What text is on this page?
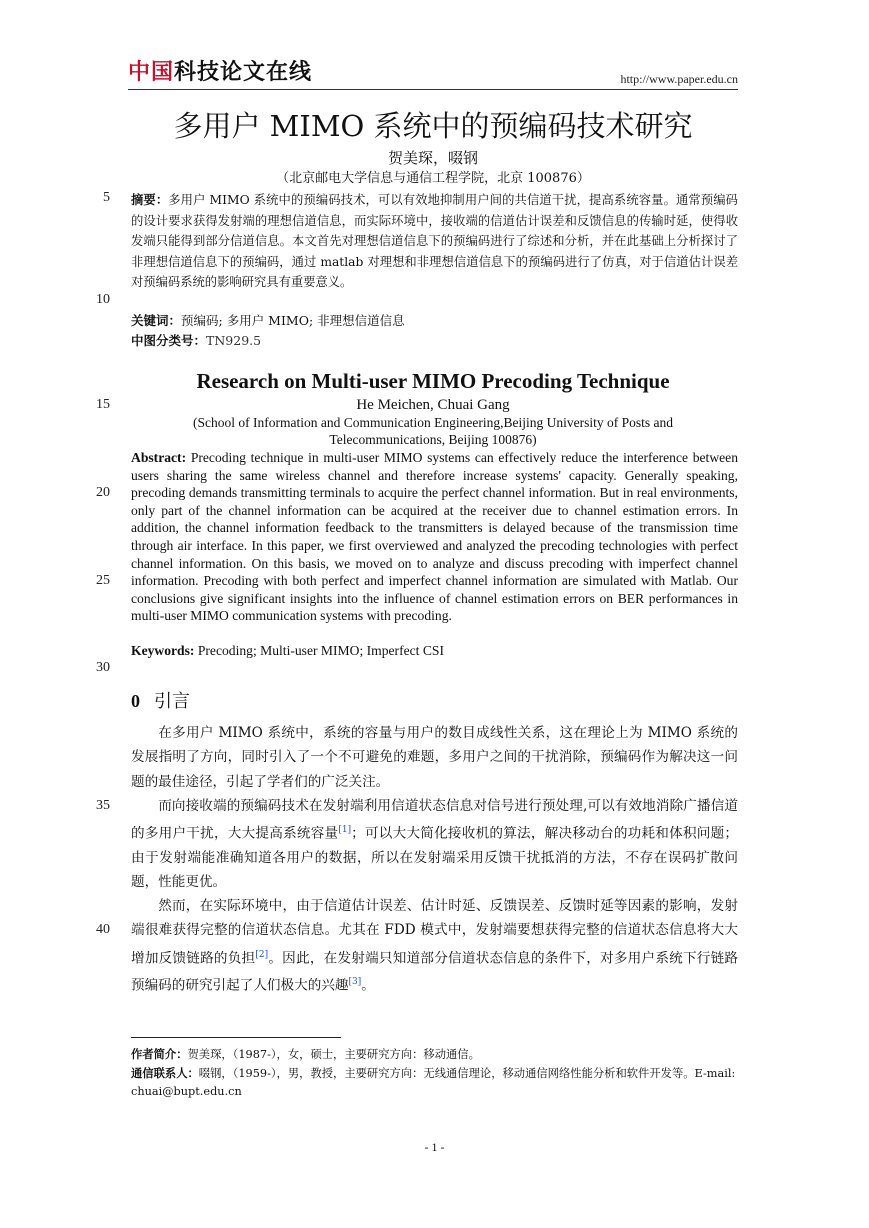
中国科技论文在线	http://www.paper.edu.cn
多用户 MIMO 系统中的预编码技术研究
贺美琛，啜钢
（北京邮电大学信息与通信工程学院，北京 100876）
5
10
15
20
25
30
35
40
摘要：多用户 MIMO 系统中的预编码技术，可以有效地抑制用户间的共信道干扰，提高系统容量。通常预编码的设计要求获得发射端的理想信道信息，而实际环境中，接收端的信道估计误差和反馈信息的传输时延，使得收发端只能得到部分信道信息。本文首先对理想信道信息下的预编码进行了综述和分析，并在此基础上分析探讨了非理想信道信息下的预编码，通过 matlab 对理想和非理想信道信息下的预编码进行了仿真，对于信道估计误差对预编码系统的影响研究具有重要意义。
关键词：预编码; 多用户 MIMO; 非理想信道信息
中图分类号：TN929.5
Research on Multi-user MIMO Precoding Technique
He Meichen, Chuai Gang
(School of Information and Communication Engineering,Beijing University of Posts and
Telecommunications, Beijing 100876)
Abstract: Precoding technique in multi-user MIMO systems can effectively reduce the interference between users sharing the same wireless channel and therefore increase systems' capacity. Generally speaking, precoding demands transmitting terminals to acquire the perfect channel information. But in real environments, only part of the channel information can be acquired at the receiver due to channel estimation errors. In addition, the channel information feedback to the transmitters is delayed because of the transmission time through air interface. In this paper, we first overviewed and analyzed the precoding technologies with perfect channel information. On this basis, we moved on to analyze and discuss precoding with imperfect channel information. Precoding with both perfect and imperfect channel information are simulated with Matlab. Our conclusions give significant insights into the influence of channel estimation errors on BER performances in multi-user MIMO communication systems with precoding.
Keywords: Precoding; Multi-user MIMO; Imperfect CSI
0 引言
在多用户 MIMO 系统中，系统的容量与用户的数目成线性关系，这在理论上为 MIMO 系统的发展指明了方向，同时引入了一个不可避免的难题，多用户之间的干扰消除，预编码作为解决这一问题的最佳途径，引起了学者们的广泛关注。
而向接收端的预编码技术在发射端利用信道状态信息对信号进行预处理,可以有效地消除广播信道的多用户干扰，大大提高系统容量[1]；可以大大简化接收机的算法，解决移动台的功耗和体积问题；由于发射端能准确知道各用户的数据，所以在发射端采用反馈干扰抵消的方法，不存在误码扩散问题，性能更优。
然而，在实际环境中，由于信道估计误差、估计时延、反馈误差、反馈时延等因素的影响，发射端很难获得完整的信道状态信息。尤其在 FDD 模式中，发射端要想获得完整的信道状态信息将大大增加反馈链路的负担[2]。因此，在发射端只知道部分信道状态信息的条件下，对多用户系统下行链路预编码的研究引起了人们极大的兴趣[3]。
作者简介：贺美琛，（1987-），女，硕士，主要研究方向：移动通信。
通信联系人：啜钢，（1959-），男，教授，主要研究方向：无线通信理论，移动通信网络性能分析和软件开发等。E-mail: chuai@bupt.edu.cn
- 1 -
